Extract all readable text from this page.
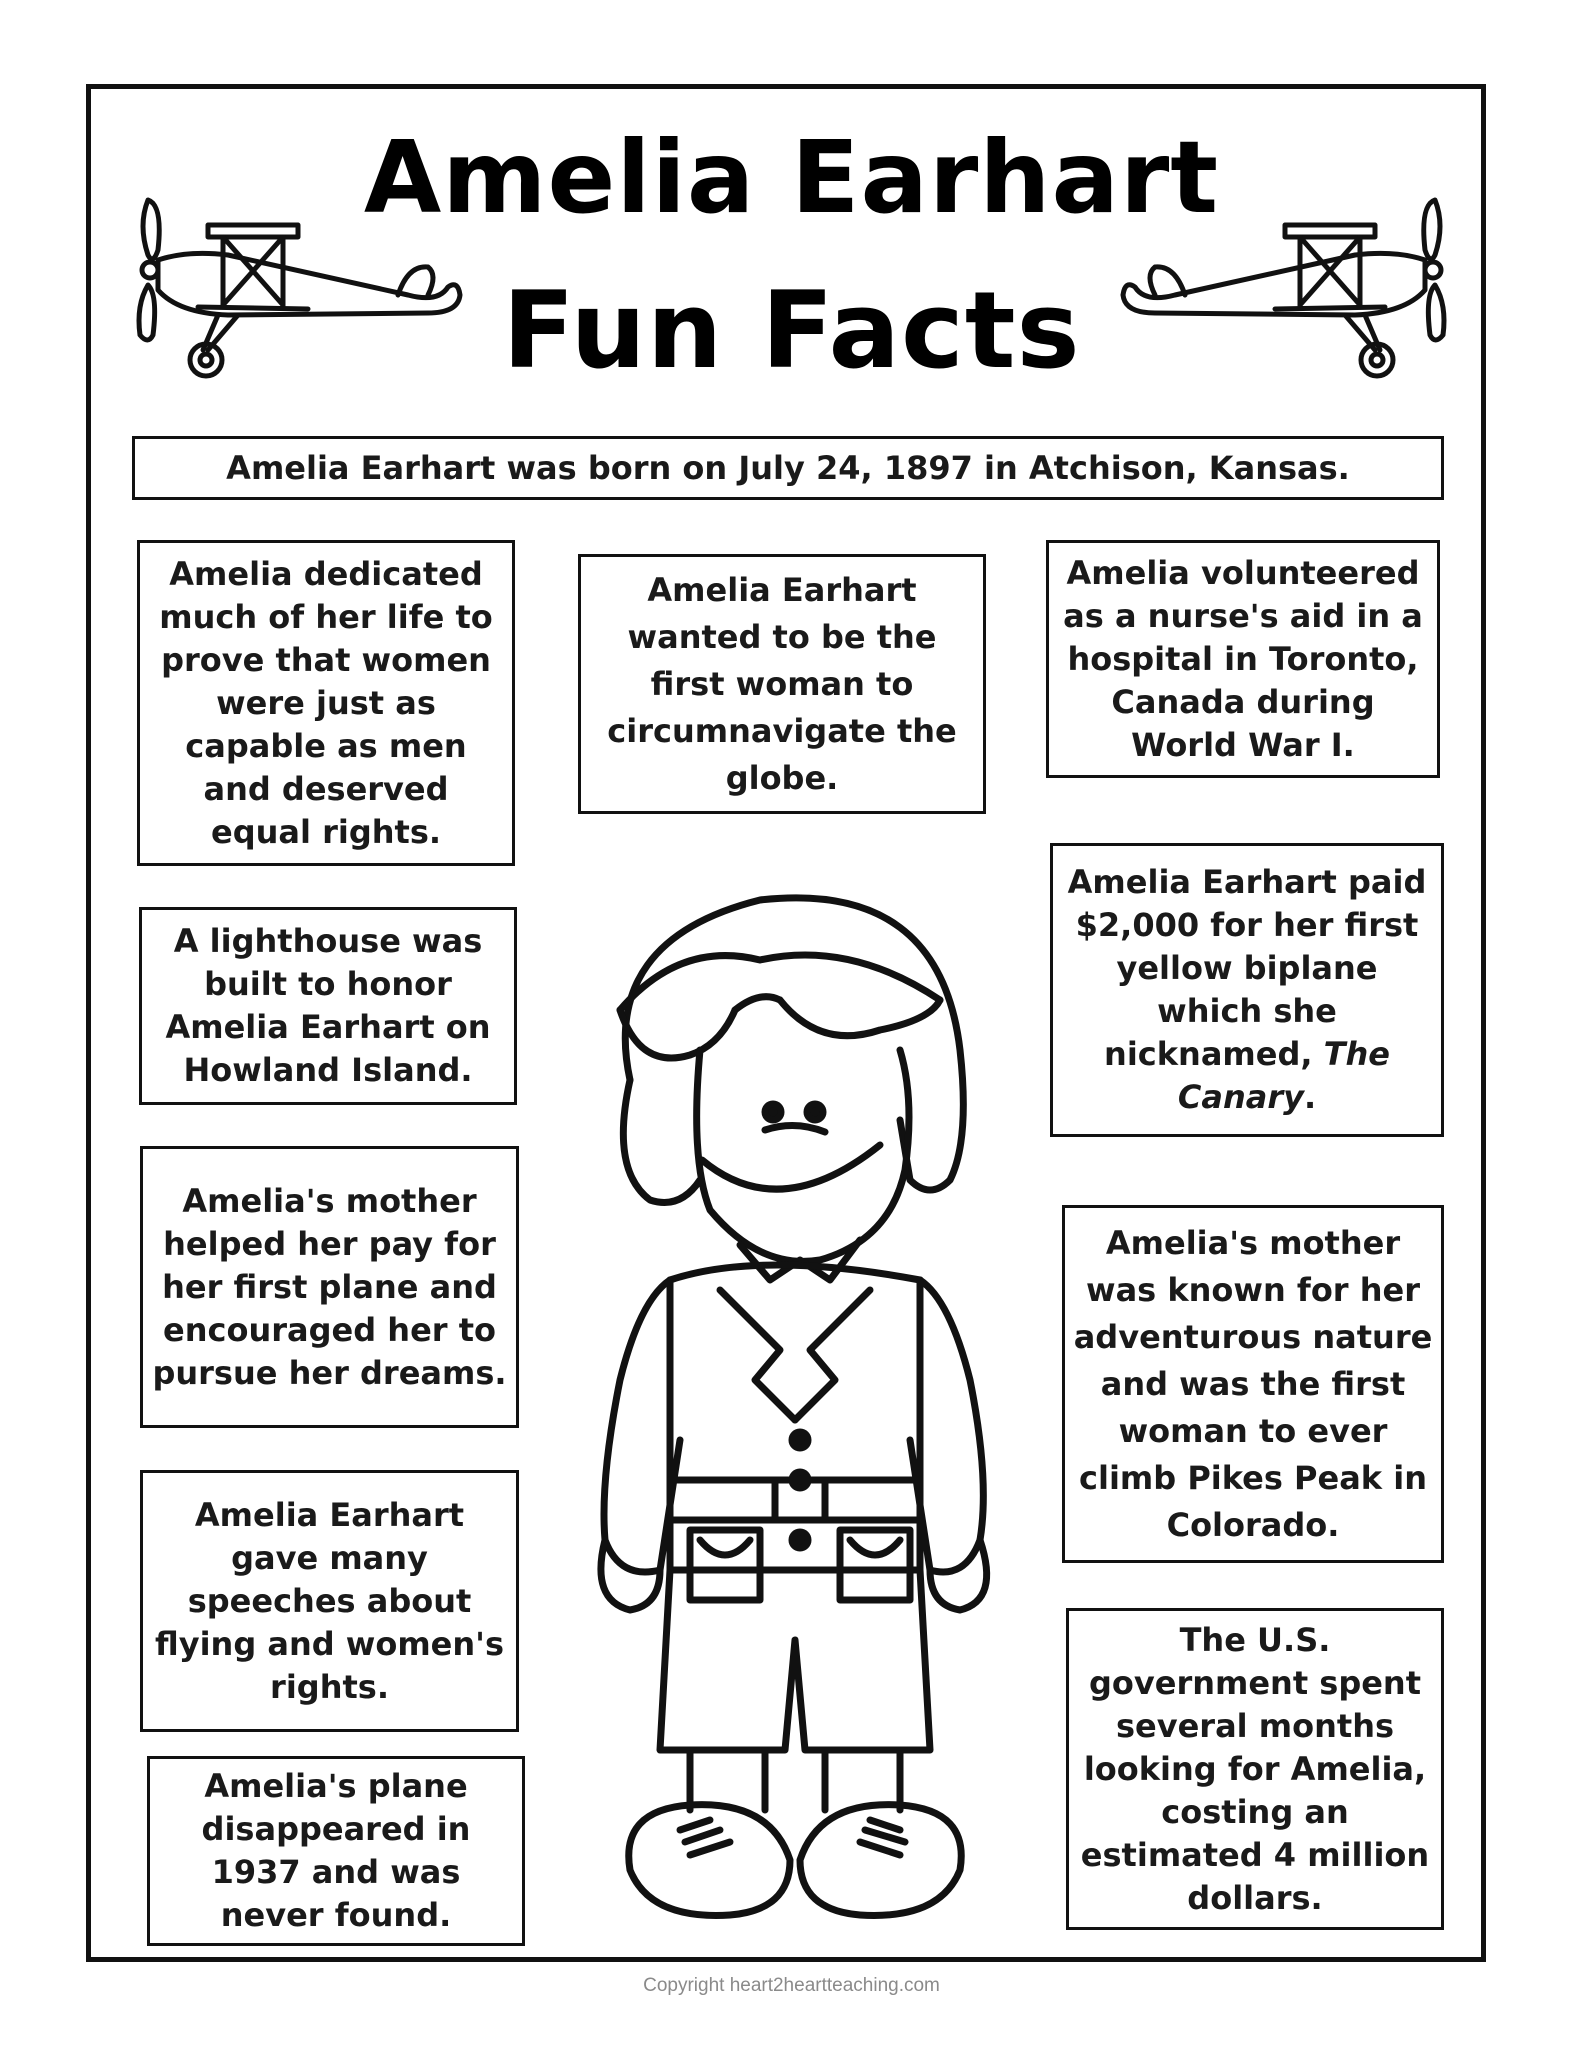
Amelia Earhart
Fun Facts
Amelia Earhart was born on July 24, 1897 in Atchison, Kansas.
Amelia dedicated much of her life to prove that women were just as capable as men and deserved equal rights.
A lighthouse was built to honor Amelia Earhart on Howland Island.
Amelia's mother helped her pay for her first plane and encouraged her to pursue her dreams.
Amelia Earhart gave many speeches about flying and women's rights.
Amelia's plane disappeared in 1937 and was never found.
Amelia Earhart wanted to be the first woman to circumnavigate the globe.
Amelia volunteered as a nurse's aid in a hospital in Toronto, Canada during World War I.
Amelia Earhart paid $2,000 for her first yellow biplane which she nicknamed, The Canary.
Amelia's mother was known for her adventurous nature and was the first woman to ever climb Pikes Peak in Colorado.
The U.S. government spent several months looking for Amelia, costing an estimated 4 million dollars.
Copyright heart2heartteaching.com
